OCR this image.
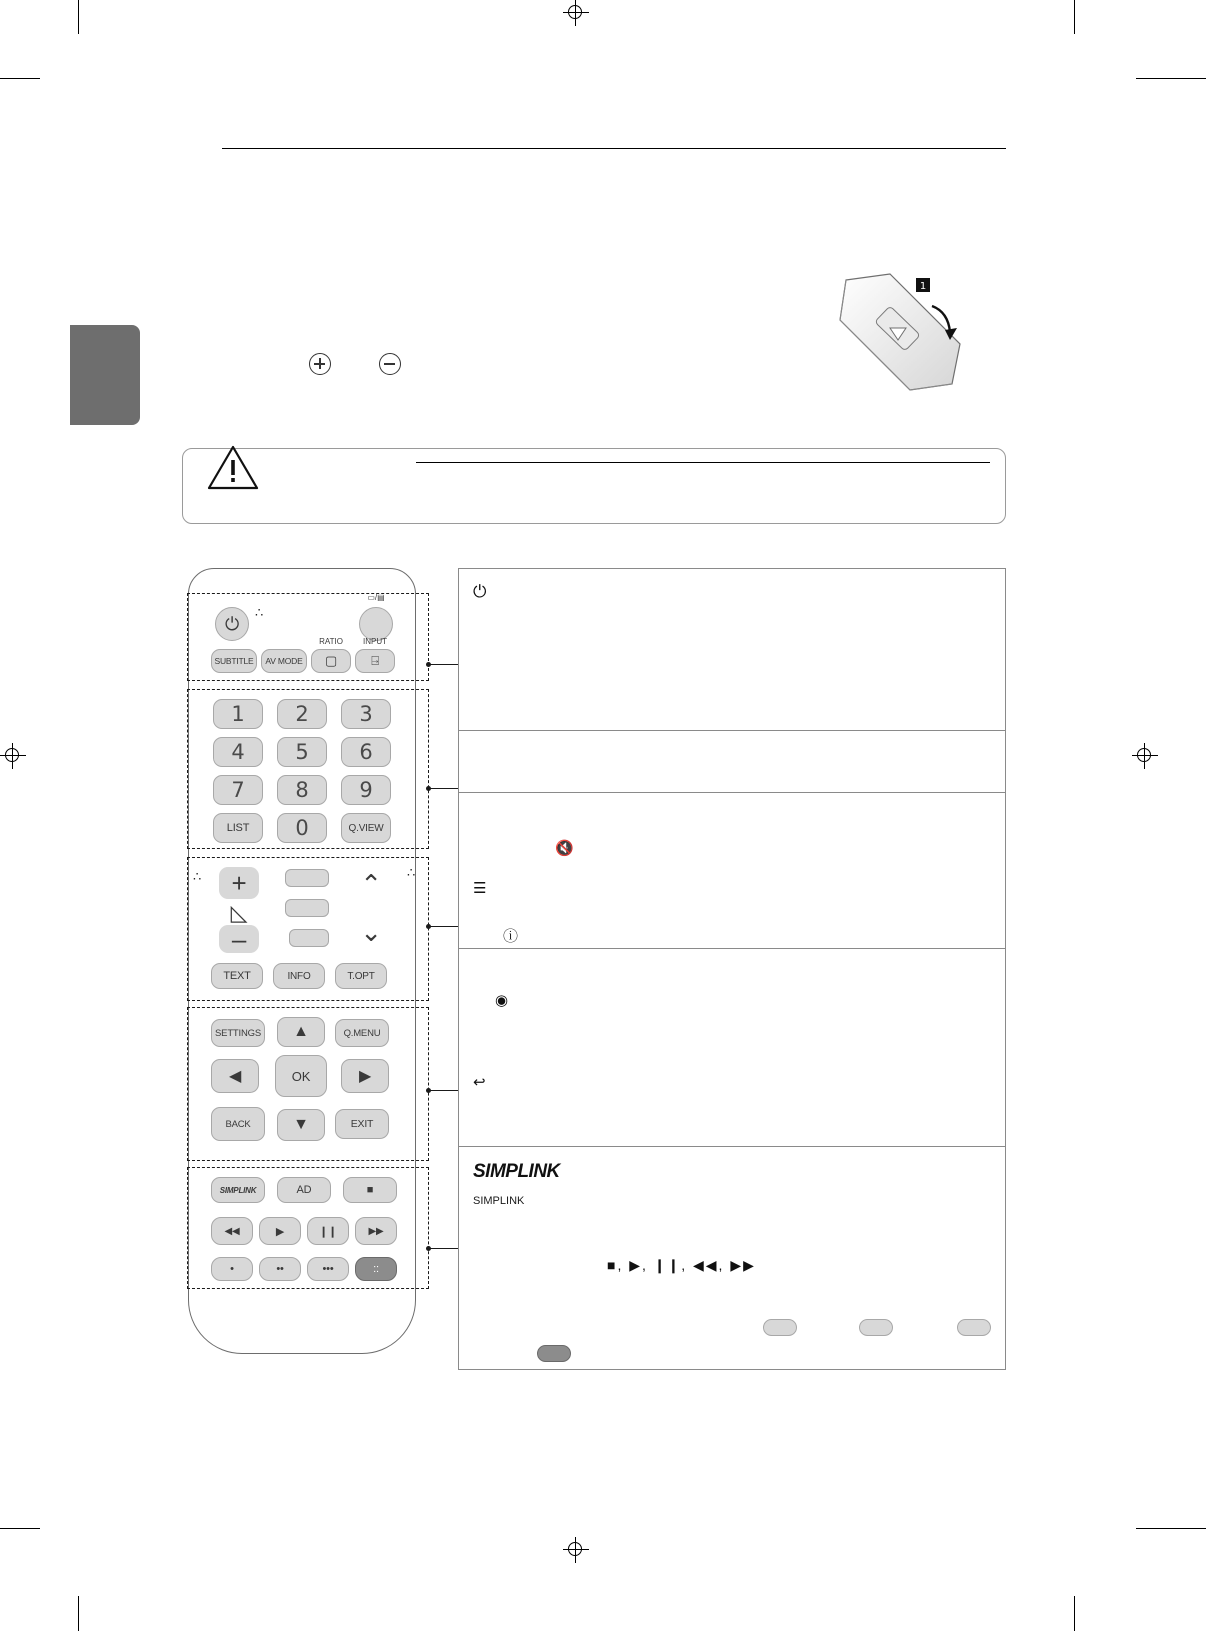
1
⏻
∴
▭/▤
SUBTITLE	AV MODE	▢
RATIO
⍈
INPUT
1	2	3
4	5	6
7	8	9
LIST	0	Q.VIEW
∴	∴
+
◺
–
⌃
⌄
TEXT	INFO	T.OPT
SETTINGS	▲	Q.MENU
◀	OK	▶
BACK	▼	EXIT
SIMPLINK	AD	■
◀◀	▶	❙❙	▶▶
•	••	•••	::
⏻
🔇
☰
ⓘ
◉
↩
SIMPLINK
■, ▶, ❙❙, ◀◀, ▶▶
SIMPLINK
